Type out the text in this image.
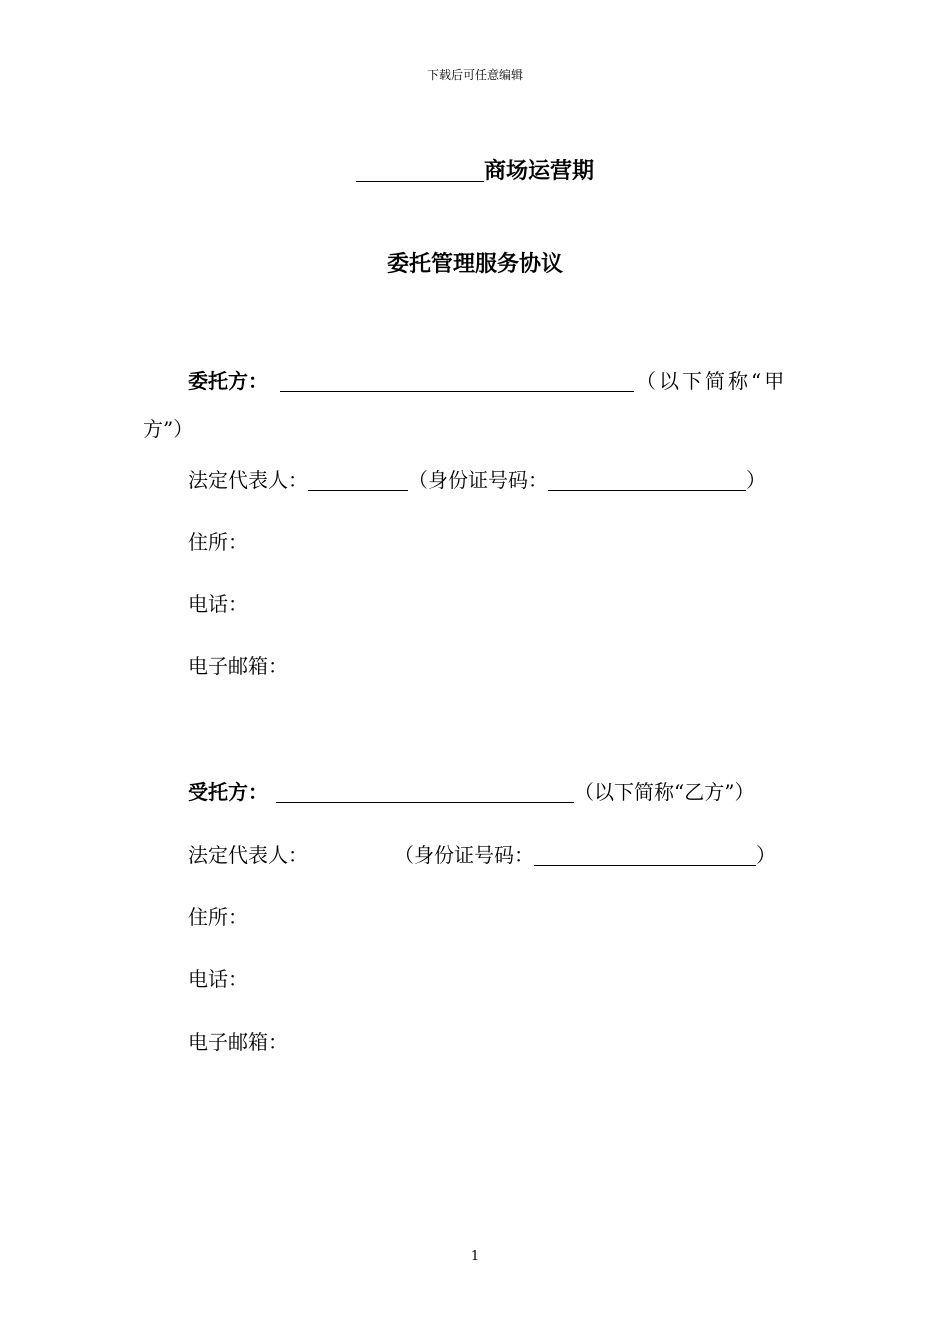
下载后可任意编辑
商场运营期
委托管理服务协议
委托方：	（以下简称“甲
方”）
法定代表人：	（身份证号码：	）
住所：
电话：
电子邮箱：
受托方：	（以下简称“乙方”）
法定代表人：	（身份证号码：	）
住所：
电话：
电子邮箱：
1
